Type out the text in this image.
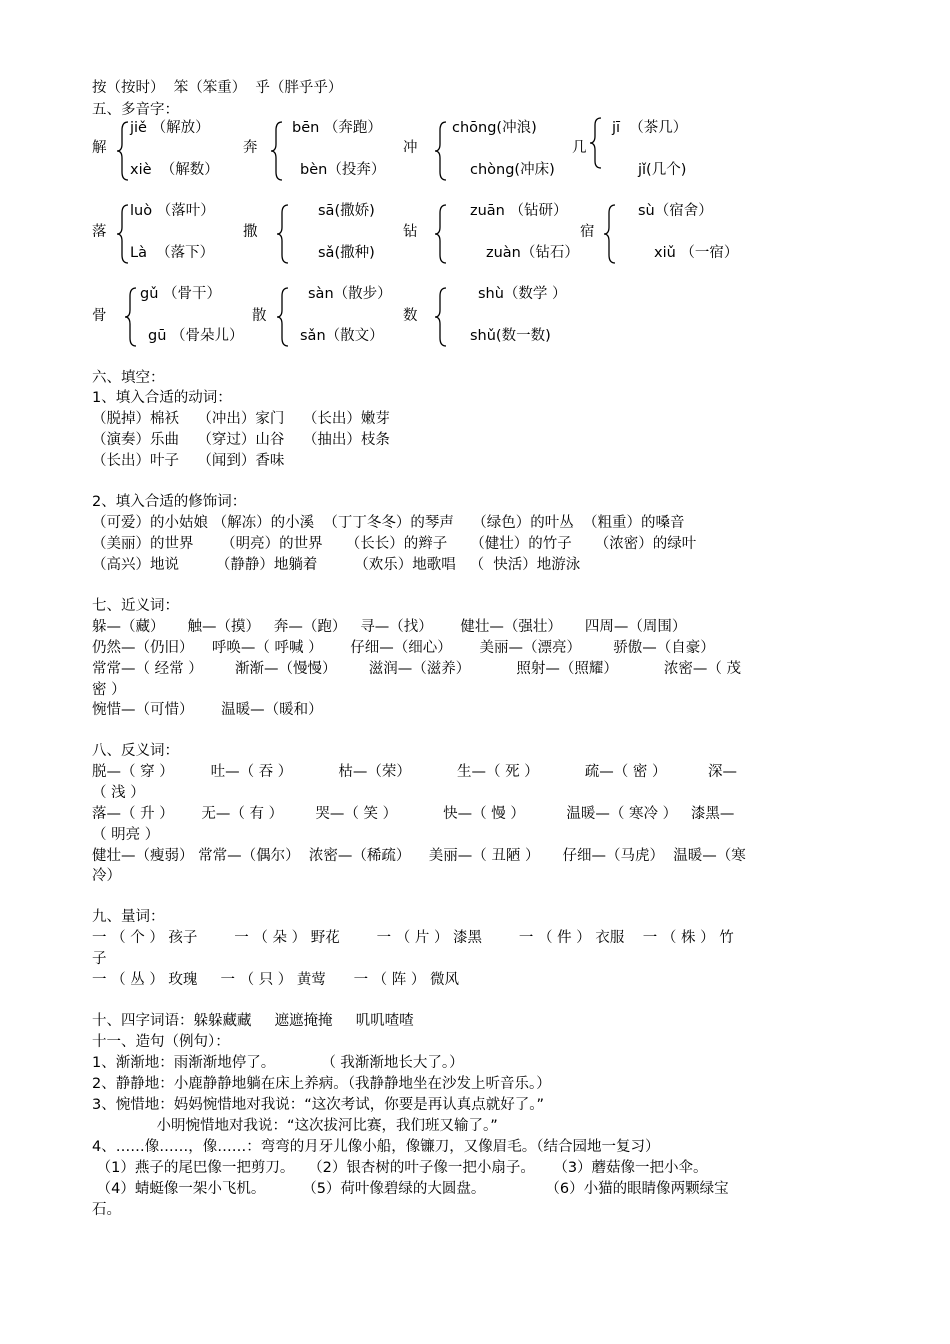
按（按时）  笨（笨重）  乎（胖乎乎）
五、多音字：
解
jiě （解放）
xiè  （解数）
奔
bēn （奔跑）
bèn（投奔）
冲
chōng(冲浪)
chòng(冲床)
几
jī  （茶几）
jǐ(几个)
落
luò （落叶）
Là  （落下）
撒
sā(撒娇)
sǎ(撒种)
钻
zuān （钻研）
zuàn（钻石）
宿
sù（宿舍）
xiǔ （一宿）
骨
gǔ （骨干）
gū （骨朵儿）
散
sàn（散步）
sǎn（散文）
数
shù（数学 ）
shǔ(数一数)
六、填空：
1、填入合适的动词：
（脱掉）棉袄    （冲出）家门    （长出）嫩芽
（演奏）乐曲    （穿过）山谷    （抽出）枝条
（长出）叶子    （闻到）香味
2、填入合适的修饰词：
（可爱）的小姑娘 （解冻）的小溪  （丁丁冬冬）的琴声    （绿色）的叶丛  （粗重）的嗓音
（美丽）的世界      （明亮）的世界     （长长）的辫子     （健壮）的竹子     （浓密）的绿叶
（高兴）地说        （静静）地躺着        （欢乐）地歌唱   （  快活）地游泳
七、近义词：
躲—（藏）     触—（摸）   奔—（跑）   寻—（找）      健壮—（强壮）     四周—（周围）
仍然—（仍旧）    呼唤—（ 呼喊 ）      仔细—（细心）      美丽—（漂亮）       骄傲—（自豪）
常常—（ 经常 ）       渐渐—（慢慢）       滋润—（滋养）          照射—（照耀）          浓密—（ 茂
密 ）
惋惜—（可惜）      温暖—（暖和）
八、反义词：
脱—（ 穿 ）        吐—（ 吞 ）          枯—（荣）          生—（ 死 ）          疏—（ 密 ）         深—
（ 浅 ）
落—（ 升 ）      无—（ 有 ）       哭—（ 笑 ）          快—（ 慢 ）         温暖—（ 寒冷 ）   漆黑—
（ 明亮 ）
健壮—（瘦弱） 常常—（偶尔）  浓密—（稀疏）    美丽—（ 丑陋 ）     仔细—（马虎）  温暖—（寒
冷）
九、量词：
一 （ 个 ） 孩子        一 （ 朵 ） 野花        一 （ 片 ） 漆黑        一 （ 件 ） 衣服    一 （ 株 ） 竹
子
一 （ 丛 ） 玫瑰     一 （ 只 ） 黄莺      一 （ 阵 ） 微风
十、四字词语：躲躲藏藏     遮遮掩掩     叽叽喳喳
十一、造句（例句）：
1、渐渐地：雨渐渐地停了。          （ 我渐渐地长大了。）
2、静静地：小鹿静静地躺在床上养病。（我静静地坐在沙发上听音乐。）
3、惋惜地：妈妈惋惜地对我说：“这次考试，你要是再认真点就好了。”
小明惋惜地对我说：“这次拔河比赛，我们班又输了。”
4、……像……，像……：弯弯的月牙儿像小船，像镰刀，又像眉毛。（结合园地一复习）
（1）燕子的尾巴像一把剪刀。   （2）银杏树的叶子像一把小扇子。    （3）蘑菇像一把小伞。
（4）蜻蜓像一架小飞机。        （5）荷叶像碧绿的大圆盘。             （6）小猫的眼睛像两颗绿宝
石。
